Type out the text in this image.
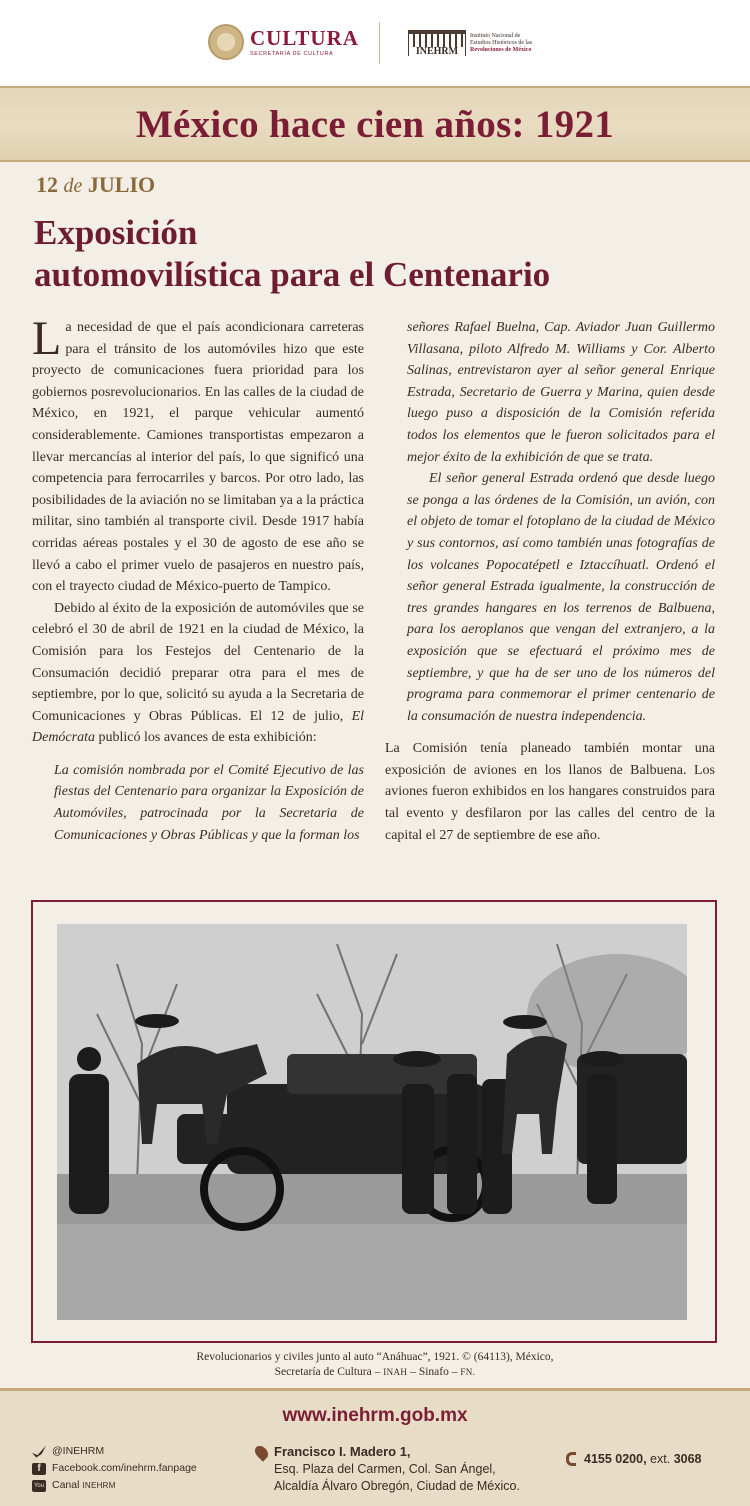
CULTURA
SECRETARÍA DE CULTURA	INEHRM
Instituto Nacional de
Estudios Históricos de las
Revoluciones de México
México hace cien años: 1921
12 de JULIO
Exposición
automovilística para el Centenario

La necesidad de que el país acondicionara carreteras para el tránsito de los automóviles hizo que este proyecto de comunicaciones fuera prioridad para los gobiernos posrevolucionarios. En las calles de la ciudad de México, en 1921, el parque vehicular aumentó considerablemente. Camiones transportistas empezaron a llevar mercancías al interior del país, lo que significó una competencia para ferrocarriles y barcos. Por otro lado, las posibilidades de la aviación no se limitaban ya a la práctica militar, sino también al transporte civil. Desde 1917 había corridas aéreas postales y el 30 de agosto de ese año se llevó a cabo el primer vuelo de pasajeros en nuestro país, con el trayecto ciudad de México-puerto de Tampico.

Debido al éxito de la exposición de automóviles que se celebró el 30 de abril de 1921 en la ciudad de México, la Comisión para los Festejos del Centenario de la Consumación decidió preparar otra para el mes de septiembre, por lo que, solicitó su ayuda a la Secretaria de Comunicaciones y Obras Públicas. El 12 de julio, El Demócrata publicó los avances de esta exhibición:

La comisión nombrada por el Comité Ejecutivo de las fiestas del Centenario para organizar la Exposición de Automóviles, patrocinada por la Secretaria de Comunicaciones y Obras Públicas y que la forman los

señores Rafael Buelna, Cap. Aviador Juan Guillermo Villasana, piloto Alfredo M. Williams y Cor. Alberto Salinas, entrevistaron ayer al señor general Enrique Estrada, Secretario de Guerra y Marina, quien desde luego puso a disposición de la Comisión referida todos los elementos que le fueron solicitados para el mejor éxito de la exhibición de que se trata.

El señor general Estrada ordenó que desde luego se ponga a las órdenes de la Comisión, un avión, con el objeto de tomar el fotoplano de la ciudad de México y sus contornos, así como también unas fotografías de los volcanes Popocatépetl e Iztaccíhuatl. Ordenó el señor general Estrada igualmente, la construcción de tres grandes hangares en los terrenos de Balbuena, para los aeroplanos que vengan del extranjero, a la exposición que se efectuará el próximo mes de septiembre, y que ha de ser uno de los números del programa para conmemorar el primer centenario de la consumación de nuestra independencia.

La Comisión tenía planeado también montar una exposición de aviones en los llanos de Balbuena. Los aviones fueron exhibidos en los hangares construidos para tal evento y desfilaron por las calles del centro de la capital el 27 de septiembre de ese año.

Revolucionarios y civiles junto al auto “Anáhuac”, 1921. © (64113), México,
Secretaría de Cultura – INAH – Sinafo – FN.
www.inehrm.gob.mx
@INEHRM
f	Facebook.com/inehrm.fanpage
You Tube
Canal
INEHRM
Francisco I. Madero 1,
Esq. Plaza del Carmen, Col. San Ángel,
Alcaldía Álvaro Obregón, Ciudad de México.
4155 0200,
ext.
3068
